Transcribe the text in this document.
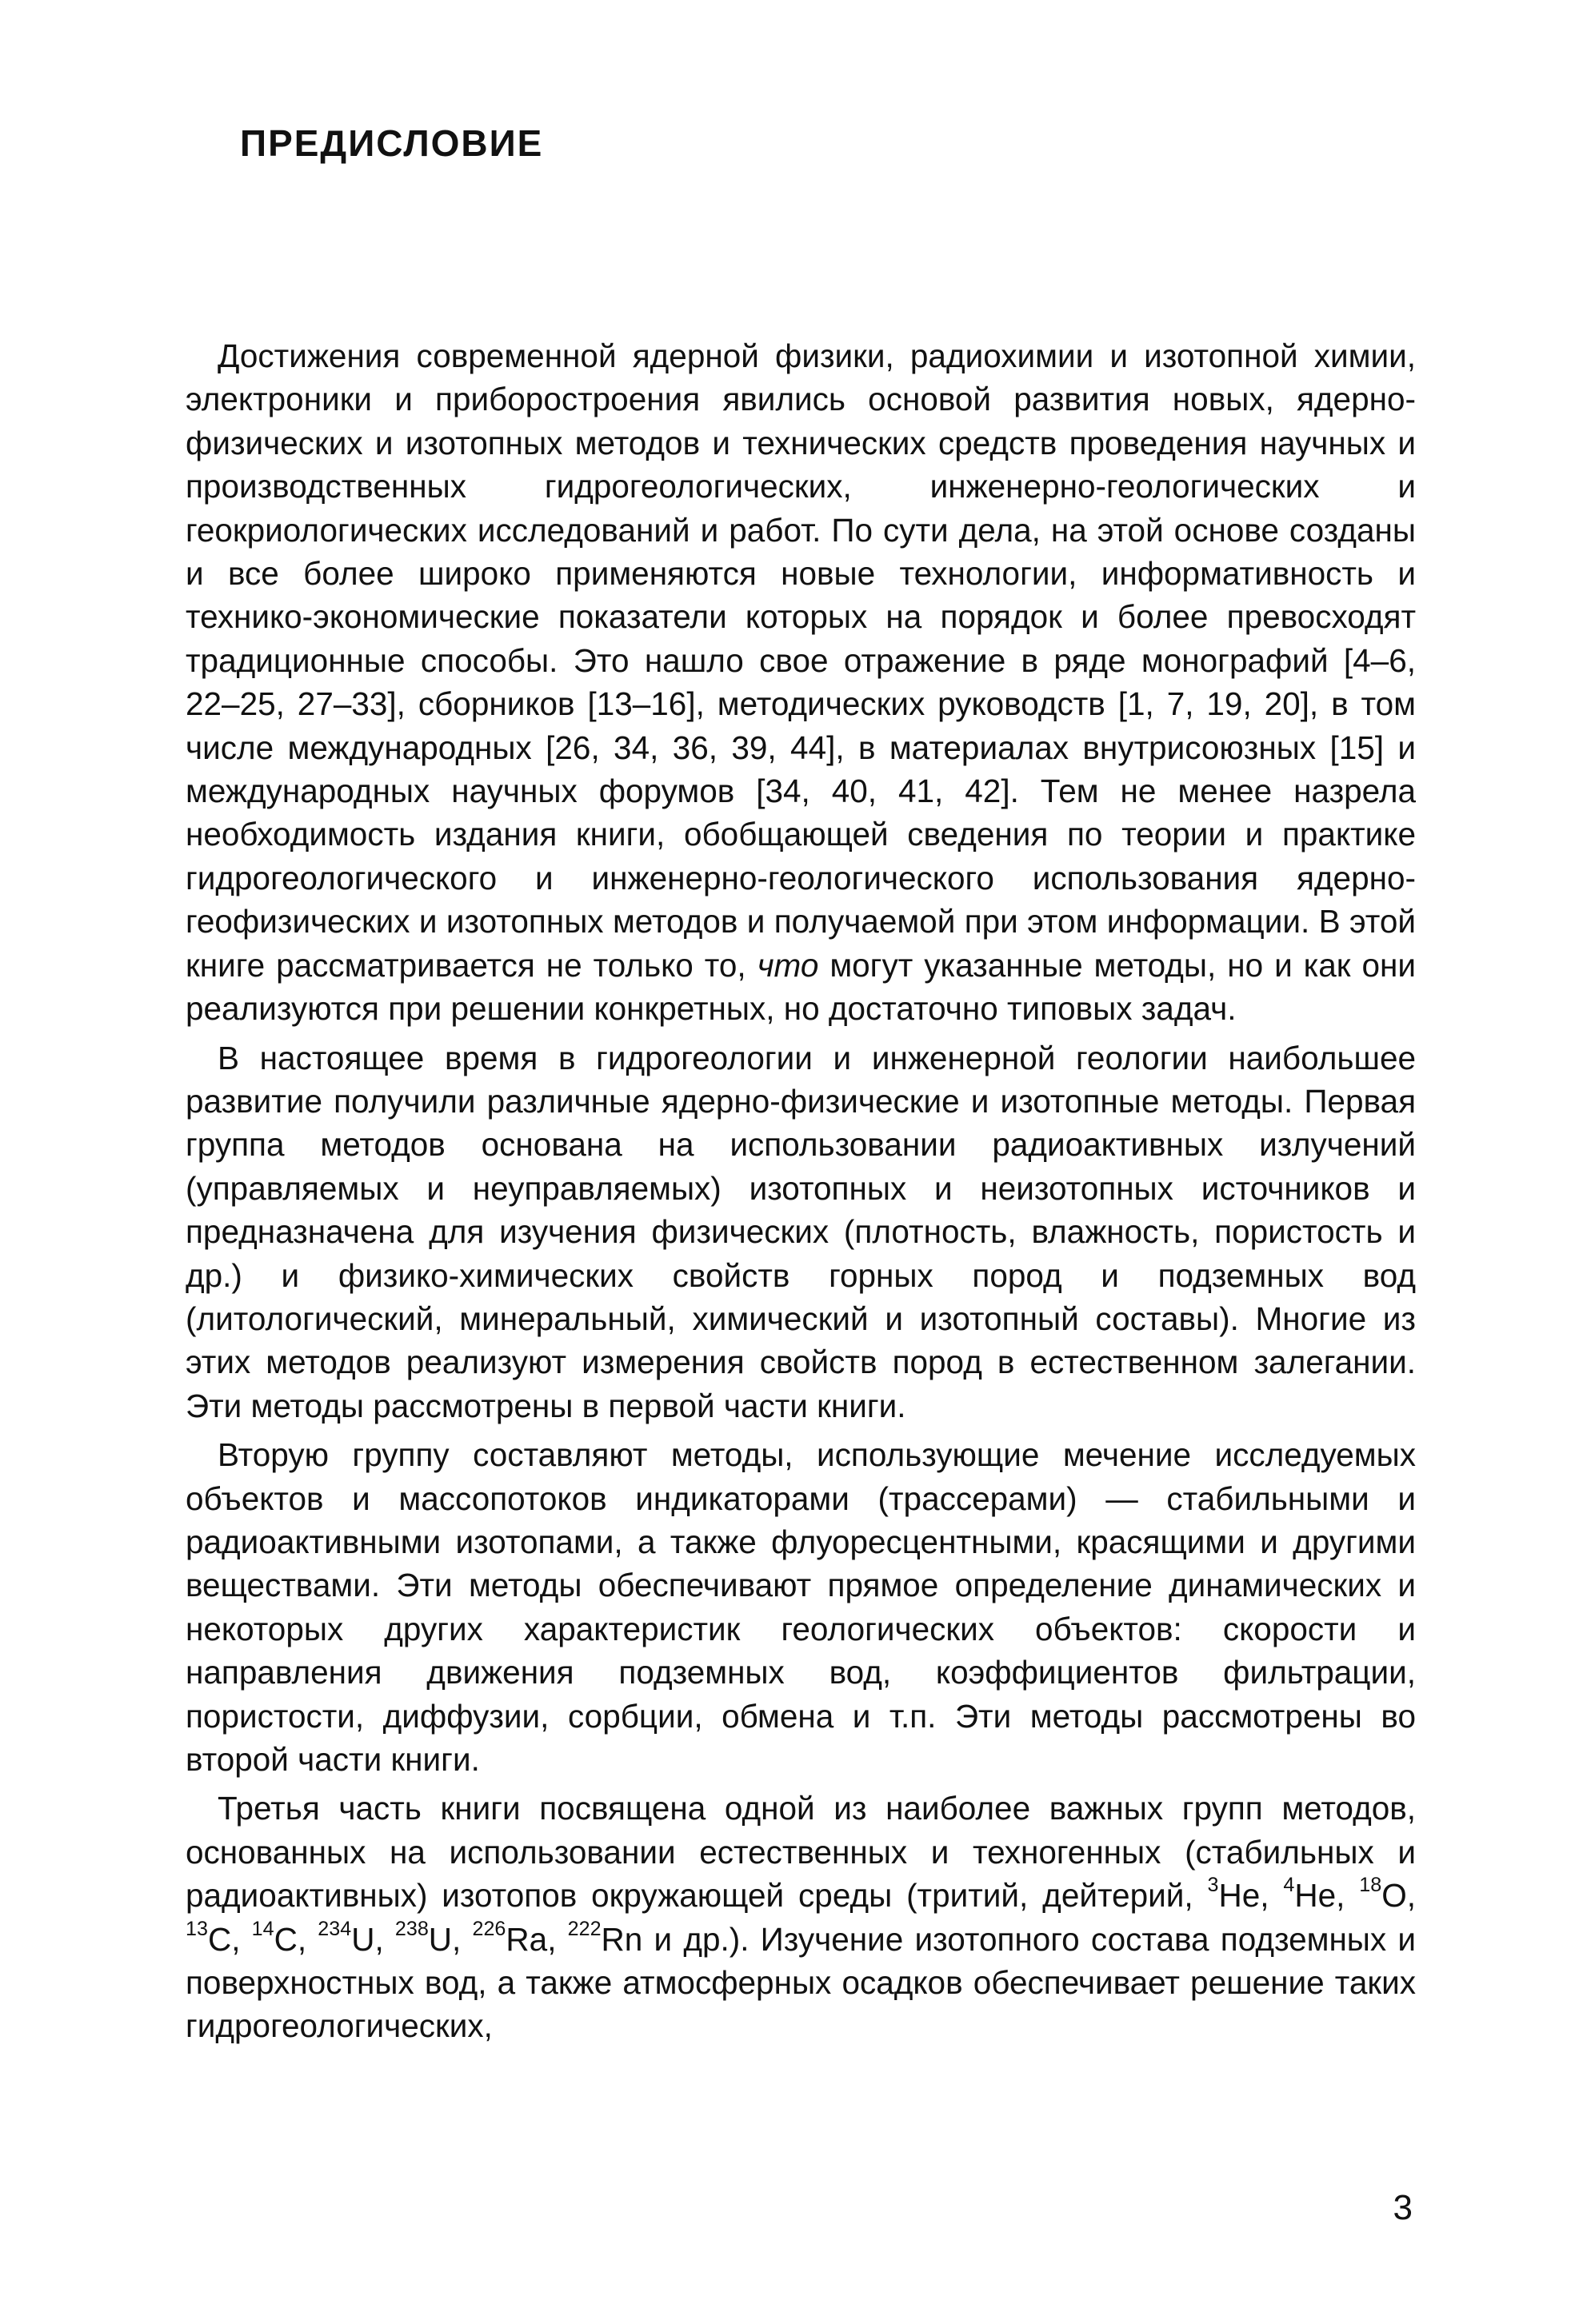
ПРЕДИСЛОВИЕ

Достижения современной ядерной физики, радиохимии и изотопной химии, электроники и приборостроения явились основой развития новых, ядерно-физических и изотопных методов и технических средств проведения научных и производственных гидрогеологических, инженерно-геологических и геокриологических исследований и работ. По сути дела, на этой основе созданы и все более широко применяются новые технологии, информативность и технико-экономические показатели которых на порядок и более превосходят традиционные способы. Это нашло свое отражение в ряде монографий [4–6, 22–25, 27–33], сборников [13–16], методических руководств [1, 7, 19, 20], в том числе международных [26, 34, 36, 39, 44], в материалах внутрисоюзных [15] и международных научных форумов [34, 40, 41, 42]. Тем не менее назрела необходимость издания книги, обобщающей сведения по теории и практике гидрогеологического и инженерно-геологического использования ядерно-геофизических и изотопных методов и получаемой при этом информации. В этой книге рассматривается не только то, что могут указанные методы, но и как они реализуются при решении конкретных, но достаточно типовых задач.

В настоящее время в гидрогеологии и инженерной геологии наибольшее развитие получили различные ядерно-физические и изотопные методы. Первая группа методов основана на использовании радиоактивных излучений (управляемых и неуправляемых) изотопных и неизотопных источников и предназначена для изучения физических (плотность, влажность, пористость и др.) и физико-химических свойств горных пород и подземных вод (литологический, минеральный, химический и изотопный составы). Многие из этих методов реализуют измерения свойств пород в естественном залегании. Эти методы рассмотрены в первой части книги.

Вторую группу составляют методы, использующие мечение исследуемых объектов и массопотоков индикаторами (трассерами) — стабильными и радиоактивными изотопами, а также флуоресцентными, красящими и другими веществами. Эти методы обеспечивают прямое определение динамических и некоторых других характеристик геологических объектов: скорости и направления движения подземных вод, коэффициентов фильтрации, пористости, диффузии, сорбции, обмена и т.п. Эти методы рассмотрены во второй части книги.

Третья часть книги посвящена одной из наиболее важных групп методов, основанных на использовании естественных и техногенных (стабильных и радиоактивных) изотопов окружающей среды (тритий, дейтерий, $^3$He, $^4$He, $^{18}$O, $^{13}$C, $^{14}$C, $^{234}$U, $^{238}$U, $^{226}$Ra, $^{222}$Rn и др.). Изучение изотопного состава подземных и поверхностных вод, а также атмосферных осадков обеспечивает решение таких гидрогеологических,

3
